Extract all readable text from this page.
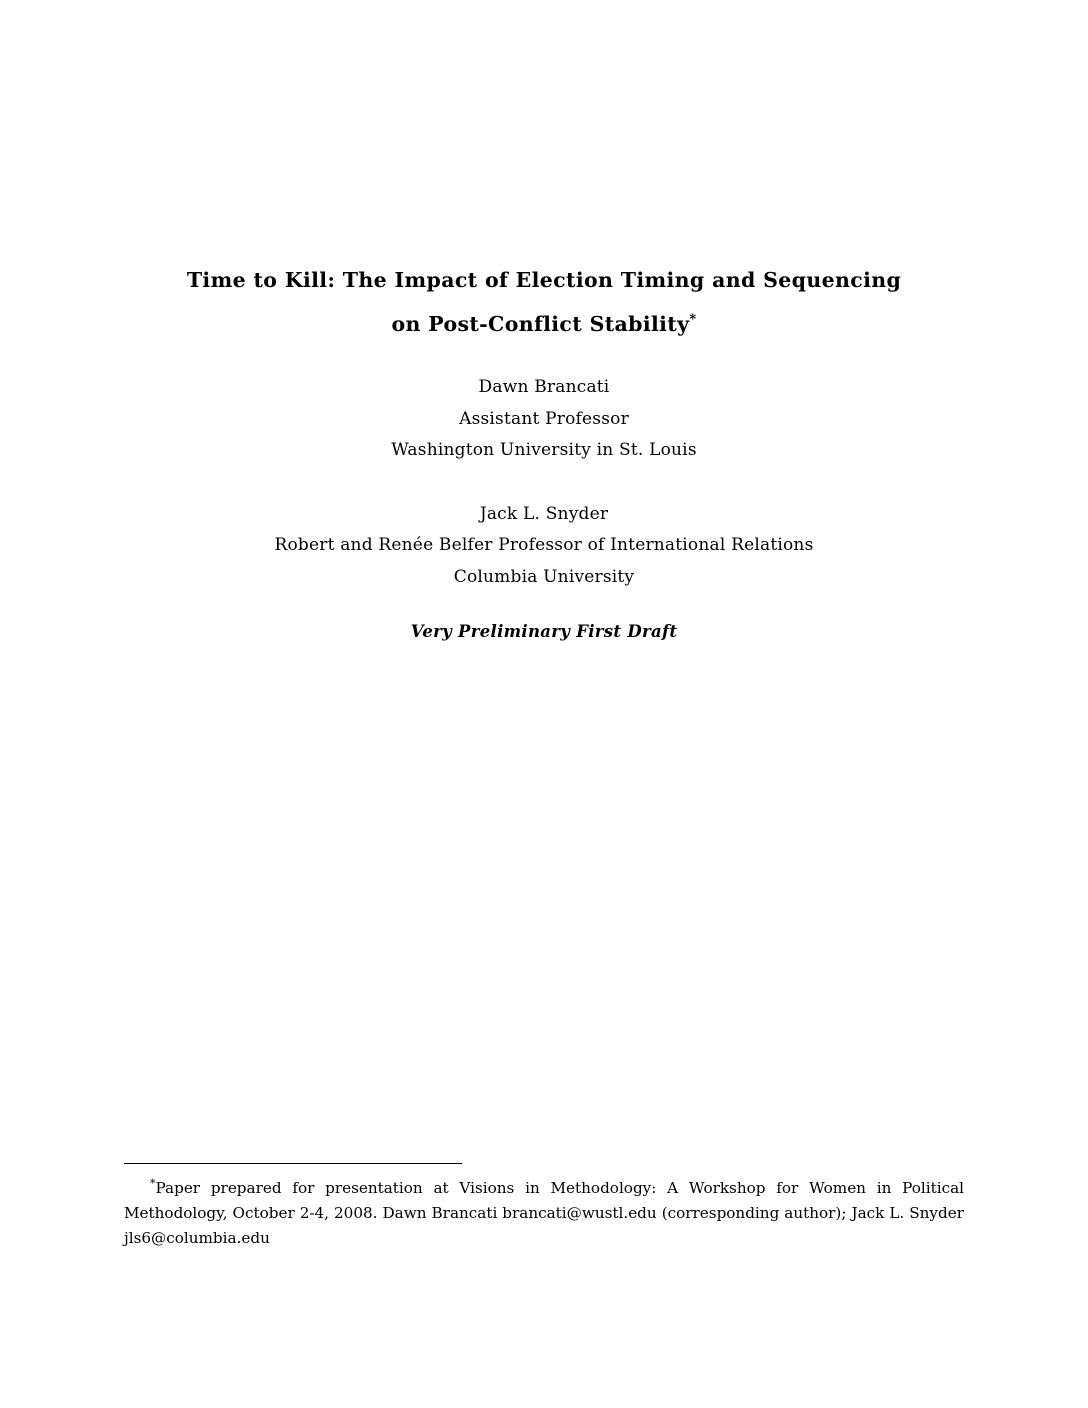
Time to Kill: The Impact of Election Timing and Sequencing
on Post-Conflict Stability*
Dawn Brancati
Assistant Professor
Washington University in St. Louis
Jack L. Snyder
Robert and Renée Belfer Professor of International Relations
Columbia University
Very Preliminary First Draft

*Paper prepared for presentation at Visions in Methodology: A Workshop for Women in Political Methodology, October 2-4, 2008. Dawn Brancati brancati@wustl.edu (corresponding author); Jack L. Snyder jls6@columbia.edu
